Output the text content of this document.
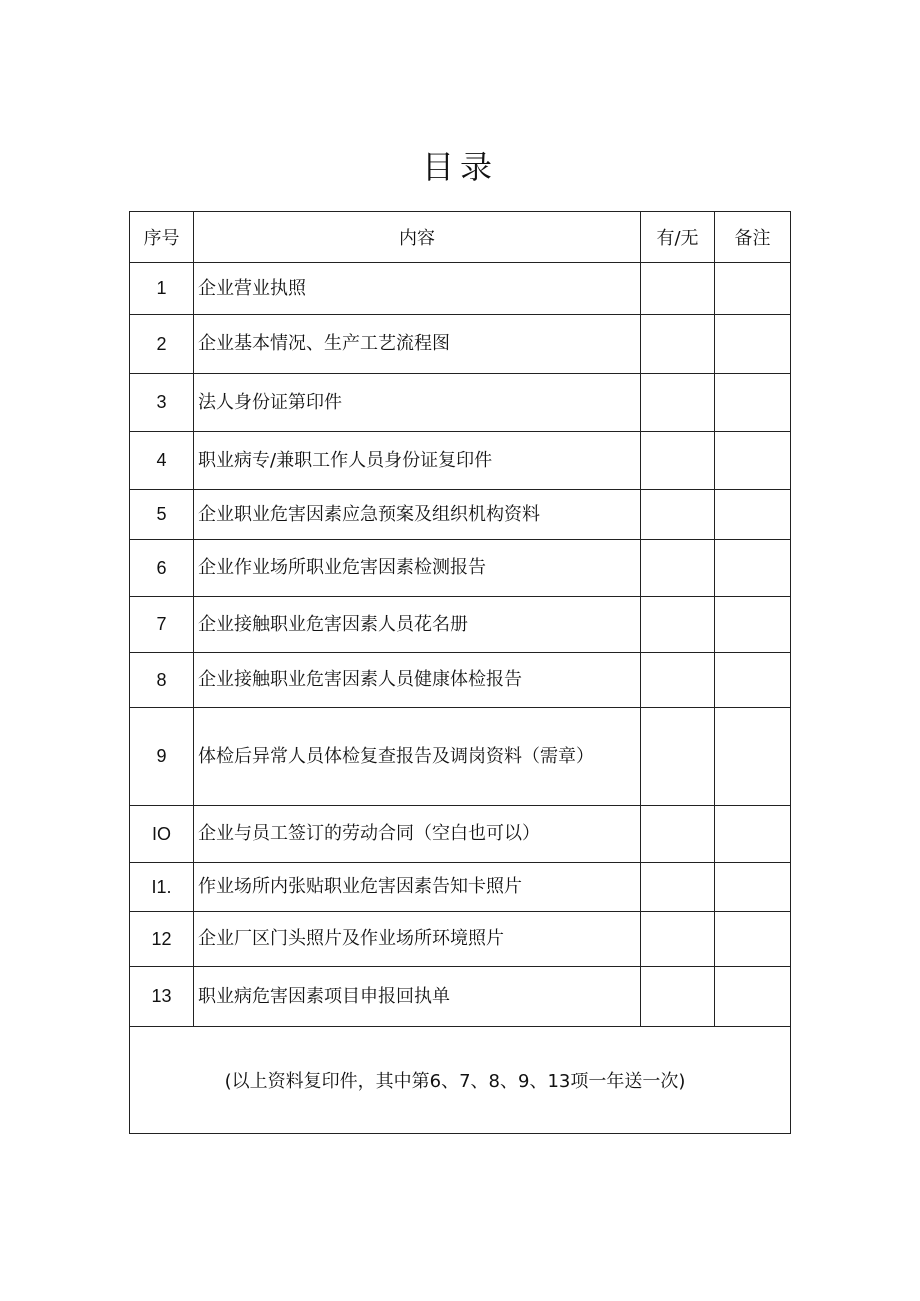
目录
序号	内容	有/无	备注
1	企业营业执照		
2	企业基本情况、生产工艺流程图		
3	法人身份证第印件		
4	职业病专/兼职工作人员身份证复印件		
5	企业职业危害因素应急预案及组织机构资料		
6	企业作业场所职业危害因素检测报告		
7	企业接触职业危害因素人员花名册		
8	企业接触职业危害因素人员健康体检报告		
9	体检后异常人员体检复查报告及调岗资料（需章）		
IO	企业与员工签订的劳动合同（空白也可以）		
I1.	作业场所内张贴职业危害因素告知卡照片		
12	企业厂区门头照片及作业场所环境照片		
13	职业病危害因素项目申报回执单		
(以上资料复印件，其中第6、7、8、9、13项一年送一次)			
